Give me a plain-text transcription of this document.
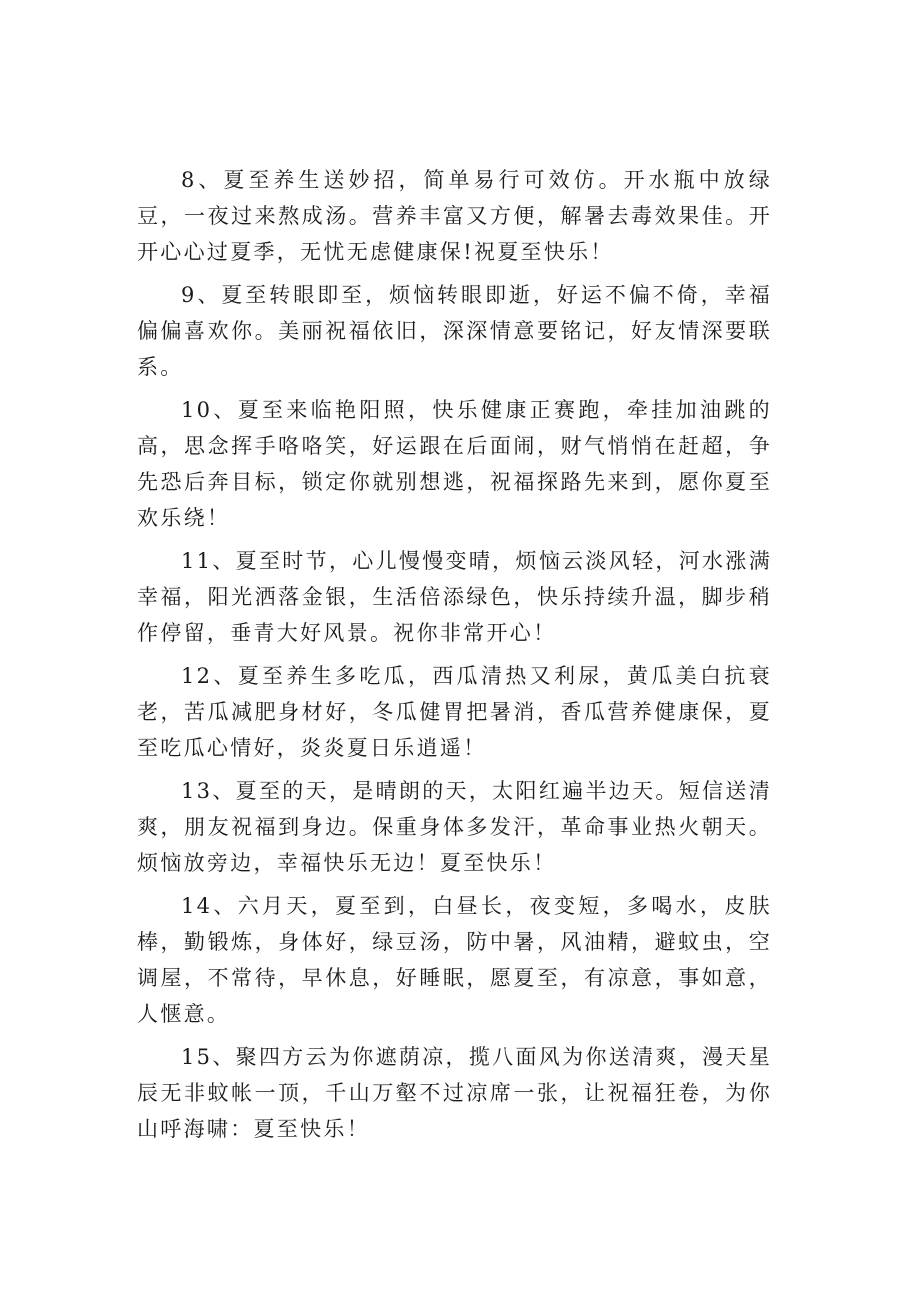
8、夏至养生送妙招，简单易行可效仿。开水瓶中放绿豆，一夜过来熬成汤。营养丰富又方便，解暑去毒效果佳。开开心心过夏季，无忧无虑健康保!祝夏至快乐！

9、夏至转眼即至，烦恼转眼即逝，好运不偏不倚，幸福偏偏喜欢你。美丽祝福依旧，深深情意要铭记，好友情深要联系。

10、夏至来临艳阳照，快乐健康正赛跑，牵挂加油跳的高，思念挥手咯咯笑，好运跟在后面闹，财气悄悄在赶超，争先恐后奔目标，锁定你就别想逃，祝福探路先来到，愿你夏至欢乐绕！

11、夏至时节，心儿慢慢变晴，烦恼云淡风轻，河水涨满幸福，阳光洒落金银，生活倍添绿色，快乐持续升温，脚步稍作停留，垂青大好风景。祝你非常开心！

12、夏至养生多吃瓜，西瓜清热又利尿，黄瓜美白抗衰老，苦瓜减肥身材好，冬瓜健胃把暑消，香瓜营养健康保，夏至吃瓜心情好，炎炎夏日乐逍遥！

13、夏至的天，是晴朗的天，太阳红遍半边天。短信送清爽，朋友祝福到身边。保重身体多发汗，革命事业热火朝天。烦恼放旁边，幸福快乐无边！夏至快乐！

14、六月天，夏至到，白昼长，夜变短，多喝水，皮肤棒，勤锻炼，身体好，绿豆汤，防中暑，风油精，避蚊虫，空调屋，不常待，早休息，好睡眠，愿夏至，有凉意，事如意，人惬意。

15、聚四方云为你遮荫凉，揽八面风为你送清爽，漫天星辰无非蚊帐一顶，千山万壑不过凉席一张，让祝福狂卷，为你山呼海啸：夏至快乐！
